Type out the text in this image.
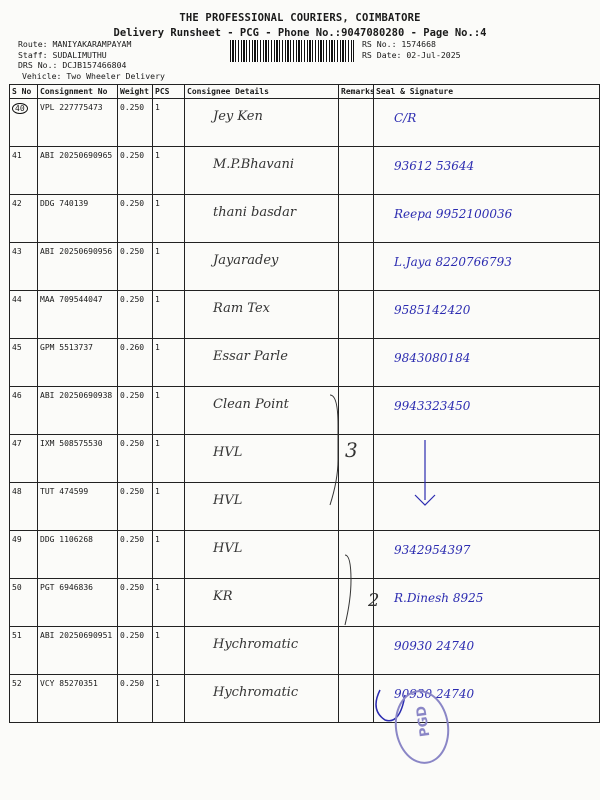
THE PROFESSIONAL COURIERS, COIMBATORE
Delivery Runsheet - PCG - Phone No.:9047080280 - Page No.:4
Route: MANIYAKARAMPAYAM
Staff: SUDALIMUTHU
DRS No.: DCJB157466804
Vehicle: Two Wheeler Delivery
RS No.: 1574668
RS Date: 02-Jul-2025
S No	Consignment No	Weight	PCS	Consignee Details	Remarks	Seal & Signature
40	VPL 227775473	0.250	1	Jey Ken		C/R
41	ABI 20250690965	0.250	1	M.P.Bhavani		93612 53644
42	DDG 740139	0.250	1	thani basdar		Reepa 9952100036
43	ABI 20250690956	0.250	1	Jayaradey		L.Jaya 8220766793
44	MAA 709544047	0.250	1	Ram Tex		9585142420
45	GPM 5513737	0.260	1	Essar Parle		9843080184
46	ABI 20250690938	0.250	1	Clean Point		9943323450
47	IXM 508575530	0.250	1	HVL		
48	TUT 474599	0.250	1	HVL		
49	DDG 1106268	0.250	1	HVL		9342954397
50	PGT 6946836	0.250	1	KR		R.Dinesh 8925
51	ABI 20250690951	0.250	1	Hychromatic		90930 24740
52	VCY 85270351	0.250	1	Hychromatic		90930 24740
3
2
PGD
